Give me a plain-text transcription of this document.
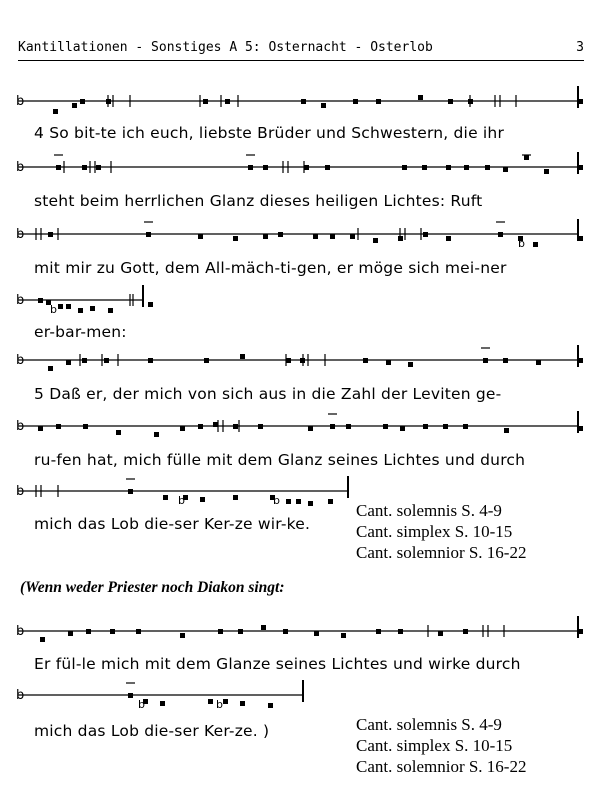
Kantillationen - Sonstiges A 5: Osternacht - Osterlob	3
b
4 So bit-te ich euch, liebste Brüder und Schwestern, die ihr
b
steht beim herrlichen Glanz dieses heiligen Lichtes: Ruft
b
b
mit mir zu Gott, dem All-mäch-ti-gen, er möge sich mei-ner
b
b
er-bar-men:
b
5 Daß er, der mich von sich aus in die Zahl der Leviten ge-
b
ru-fen hat, mich fülle mit dem Glanz seines Lichtes und durch
b
b	b
mich das Lob die-ser Ker-ze wir-ke.
Cant. solemnis S. 4-9
Cant. simplex S. 10-15
Cant. solemnior S. 16-22
(Wenn weder Priester noch Diakon singt:
b
Er fül-le mich mit dem Glanze seines Lichtes und wirke durch
b
b	b
mich das Lob die-ser Ker-ze. )	Cant. solemnis S. 4-9
Cant. simplex S. 10-15
Cant. solemnior S. 16-22
